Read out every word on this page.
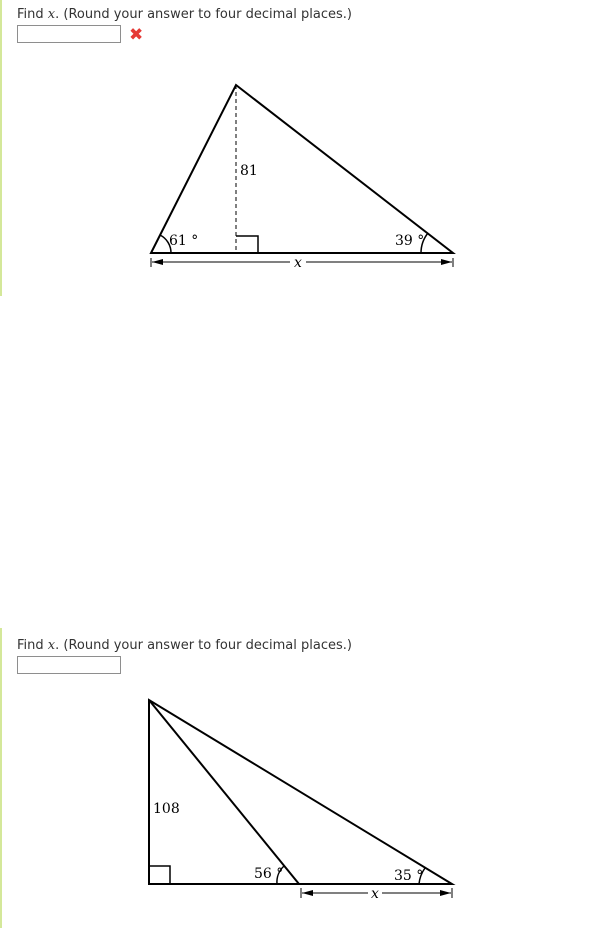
Find x. (Round your answer to four decimal places.)
✖
61 °	39 °
81
x
Find x. (Round your answer to four decimal places.)
108
56 °	35 °
x
